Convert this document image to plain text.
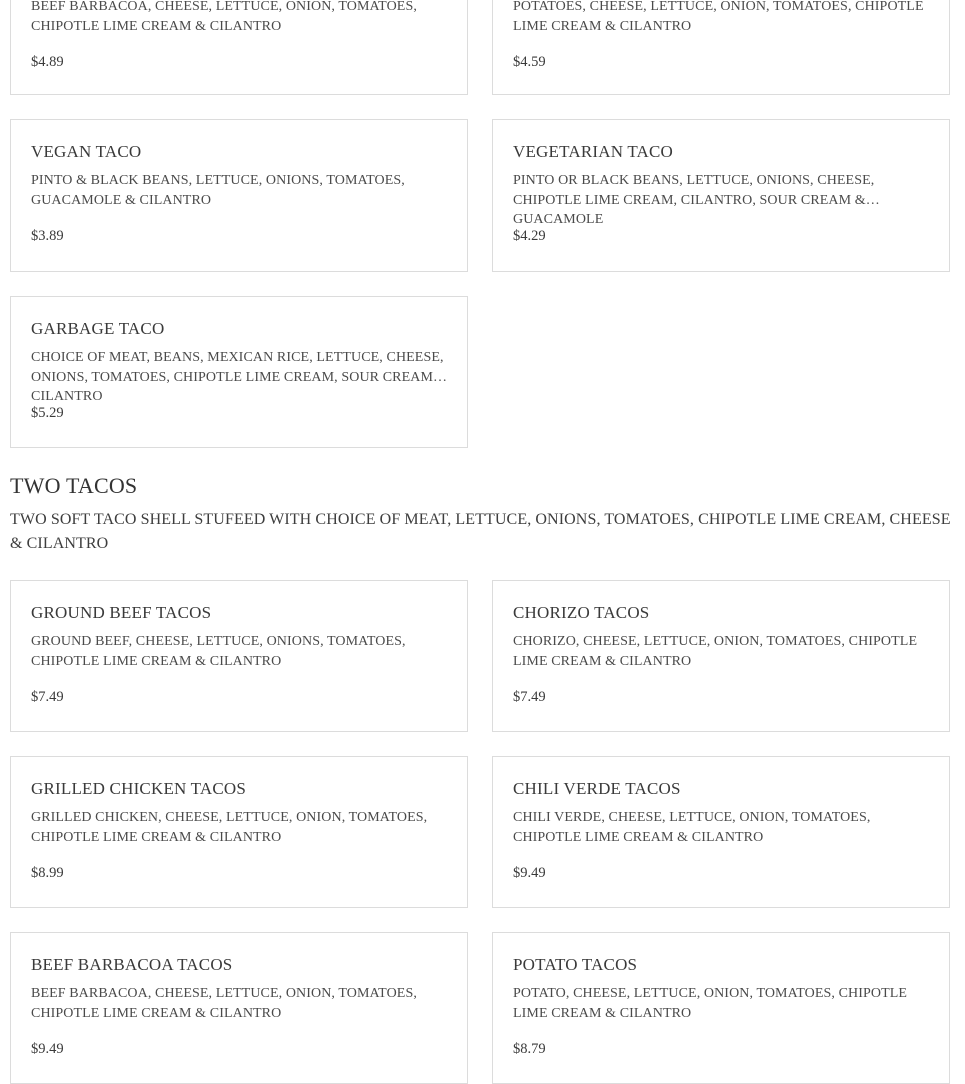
BEEF BARBACOA, CHEESE, LETTUCE, ONION, TOMATOES, CHIPOTLE LIME CREAM & CILANTRO
$4.89
POTATOES, CHEESE, LETTUCE, ONION, TOMATOES, CHIPOTLE LIME CREAM & CILANTRO
$4.59
VEGAN TACO
PINTO & BLACK BEANS, LETTUCE, ONIONS, TOMATOES, GUACAMOLE & CILANTRO
$3.89
VEGETARIAN TACO
PINTO OR BLACK BEANS, LETTUCE, ONIONS, CHEESE, CHIPOTLE LIME CREAM, CILANTRO, SOUR CREAM & GUACAMOLE
$4.29
GARBAGE TACO
CHOICE OF MEAT, BEANS, MEXICAN RICE, LETTUCE, CHEESE, ONIONS, TOMATOES, CHIPOTLE LIME CREAM, SOUR CREAM & CILANTRO
$5.29
TWO TACOS
TWO SOFT TACO SHELL STUFEED WITH CHOICE OF MEAT, LETTUCE, ONIONS, TOMATOES, CHIPOTLE LIME CREAM, CHEESE & CILANTRO
GROUND BEEF TACOS
GROUND BEEF, CHEESE, LETTUCE, ONIONS, TOMATOES, CHIPOTLE LIME CREAM & CILANTRO
$7.49
CHORIZO TACOS
CHORIZO, CHEESE, LETTUCE, ONION, TOMATOES, CHIPOTLE LIME CREAM & CILANTRO
$7.49
GRILLED CHICKEN TACOS
GRILLED CHICKEN, CHEESE, LETTUCE, ONION, TOMATOES, CHIPOTLE LIME CREAM & CILANTRO
$8.99
CHILI VERDE TACOS
CHILI VERDE, CHEESE, LETTUCE, ONION, TOMATOES, CHIPOTLE LIME CREAM & CILANTRO
$9.49
BEEF BARBACOA TACOS
BEEF BARBACOA, CHEESE, LETTUCE, ONION, TOMATOES, CHIPOTLE LIME CREAM & CILANTRO
$9.49
POTATO TACOS
POTATO, CHEESE, LETTUCE, ONION, TOMATOES, CHIPOTLE LIME CREAM & CILANTRO
$8.79
